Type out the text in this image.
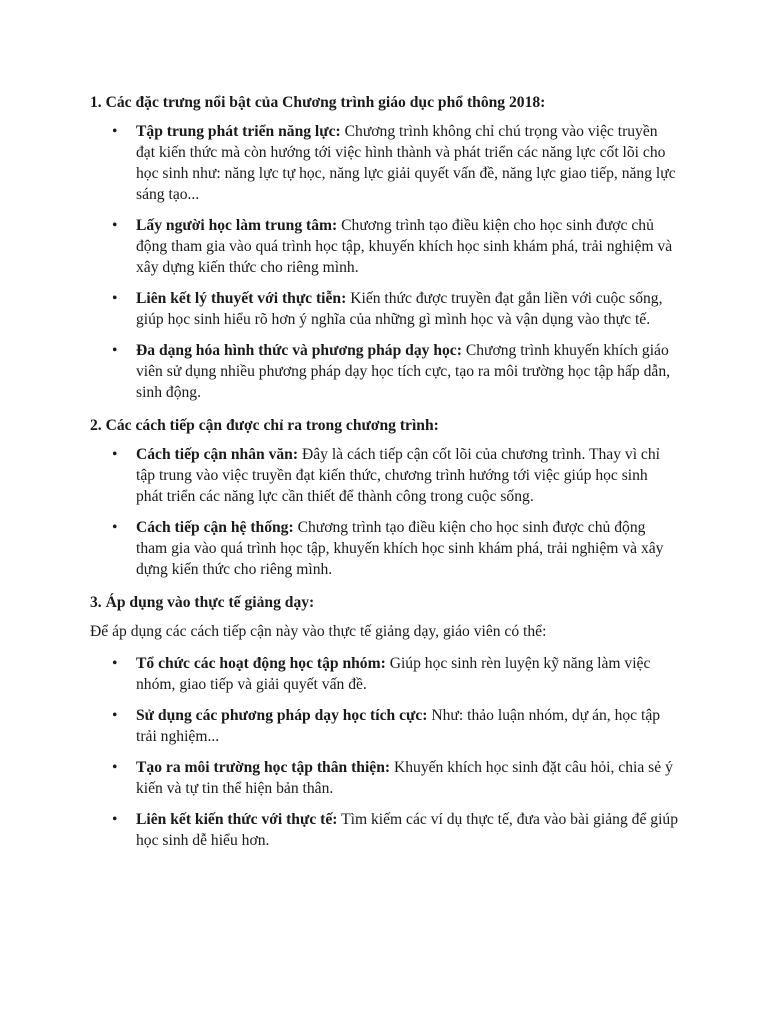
1. Các đặc trưng nổi bật của Chương trình giáo dục phổ thông 2018:
• Tập trung phát triển năng lực: Chương trình không chỉ chú trọng vào việc truyền đạt kiến thức mà còn hướng tới việc hình thành và phát triển các năng lực cốt lõi cho học sinh như: năng lực tự học, năng lực giải quyết vấn đề, năng lực giao tiếp, năng lực sáng tạo...
• Lấy người học làm trung tâm: Chương trình tạo điều kiện cho học sinh được chủ động tham gia vào quá trình học tập, khuyến khích học sinh khám phá, trải nghiệm và xây dựng kiến thức cho riêng mình.
• Liên kết lý thuyết với thực tiễn: Kiến thức được truyền đạt gắn liền với cuộc sống, giúp học sinh hiểu rõ hơn ý nghĩa của những gì mình học và vận dụng vào thực tế.
• Đa dạng hóa hình thức và phương pháp dạy học: Chương trình khuyến khích giáo viên sử dụng nhiều phương pháp dạy học tích cực, tạo ra môi trường học tập hấp dẫn, sinh động.
2. Các cách tiếp cận được chỉ ra trong chương trình:
• Cách tiếp cận nhân văn: Đây là cách tiếp cận cốt lõi của chương trình. Thay vì chỉ tập trung vào việc truyền đạt kiến thức, chương trình hướng tới việc giúp học sinh phát triển các năng lực cần thiết để thành công trong cuộc sống.
• Cách tiếp cận hệ thống: Chương trình tạo điều kiện cho học sinh được chủ động tham gia vào quá trình học tập, khuyến khích học sinh khám phá, trải nghiệm và xây dựng kiến thức cho riêng mình.
3. Áp dụng vào thực tế giảng dạy:

Để áp dụng các cách tiếp cận này vào thực tế giảng dạy, giáo viên có thể:

• Tổ chức các hoạt động học tập nhóm: Giúp học sinh rèn luyện kỹ năng làm việc nhóm, giao tiếp và giải quyết vấn đề.
• Sử dụng các phương pháp dạy học tích cực: Như: thảo luận nhóm, dự án, học tập trải nghiệm...
• Tạo ra môi trường học tập thân thiện: Khuyến khích học sinh đặt câu hỏi, chia sẻ ý kiến và tự tin thể hiện bản thân.
• Liên kết kiến thức với thực tế: Tìm kiếm các ví dụ thực tế, đưa vào bài giảng để giúp học sinh dễ hiểu hơn.
